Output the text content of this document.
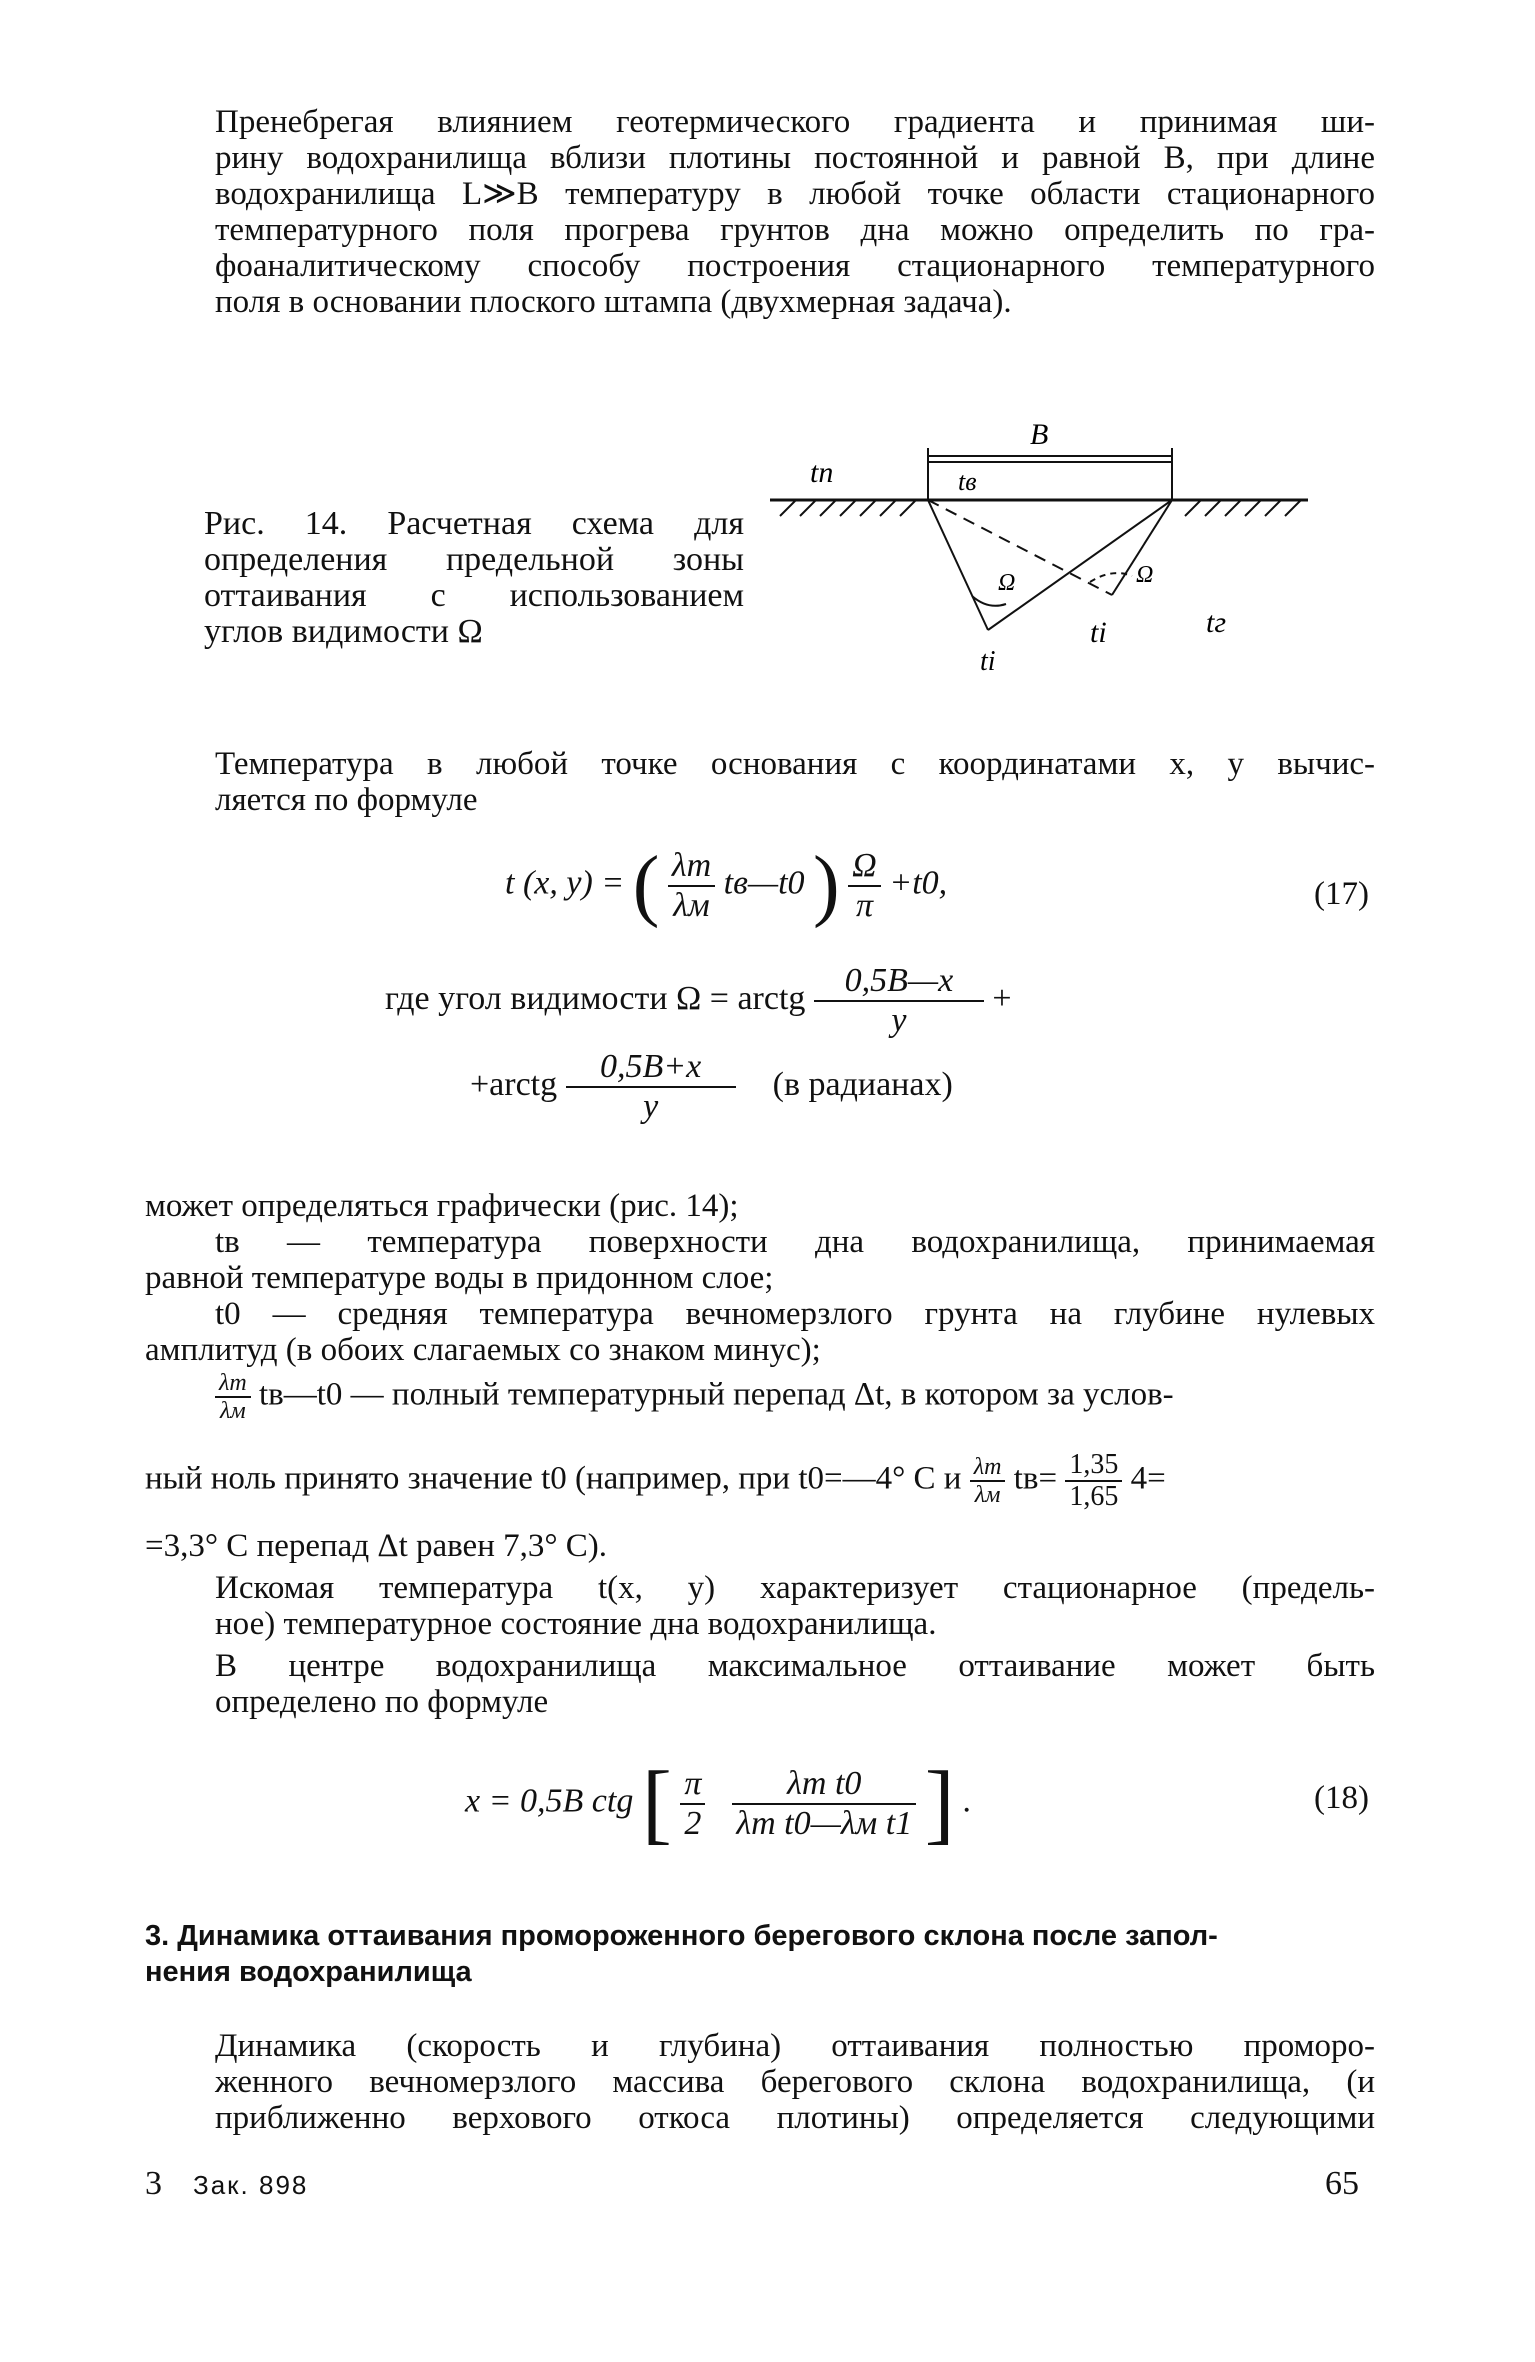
Пренебрегая влиянием геотермического градиента и принимая ши-
рину водохранилища вблизи плотины постоянной и равной B, при длине
водохранилища L≫B температуру в любой точке области стационарного
температурного поля прогрева грунтов дна можно определить по гра-
фоаналитическому способу построения стационарного температурного
поля в основании плоского штампа (двухмерная задача).
Рис. 14. Расчетная схема для
определения предельной зоны
оттаивания с использованием
углов видимости Ω
B
tп	tв
Ω	Ω
ti
ti	tг
Температура в любой точке основания с координатами x, y вычис-
ляется по формуле
t (x, y) = ( $\frac{\lambda т}{\lambda м}$ tв—t0 ) $\frac{\Omega}{\pi} +t0$,	(17)
где угол видимости Ω = arctg $\frac{0,5B—x}{y}$ +
+arctg $\frac{0,5B+x}{y} (в$ радианах)
может определяться графически (рис. 14);
tв — температура поверхности дна водохранилища, принимаемая
равной температуре воды в придонном слое;
t0 — средняя температура вечномерзлого грунта на глубине нулевых
амплитуд (в обоих слагаемых со знаком минус);
$\frac{\lambda т}{\lambda м}$ tв—t0 — полный температурный перепад Δt, в котором за услов-
ный ноль принято значение t0 (например, при t0=—4° С и $\frac{\lambda т}{\lambda м} tв= \frac{1,35}{1,65} 4=$
=3,3° С перепад Δt равен 7,3° С).
Искомая температура t(x, y) характеризует стационарное (предель-
ное) температурное состояние дна водохранилища.
В центре водохранилища максимальное оттаивание может быть
определено по формуле
x = 0,5B ctg [ $\frac{\pi}{2}$
$\frac{\text{λт t0}}{\text{λт t0—λм t1}}$ ] .	(18)
3. Динамика оттаивания промороженного берегового склона после запол-
нения водохранилища
Динамика (скорость и глубина) оттаивания полностью проморо-
женного вечномерзлого массива берегового склона водохранилища, (и
приближенно верхового откоса плотины) определяется следующими
3 Зак. 898	65
